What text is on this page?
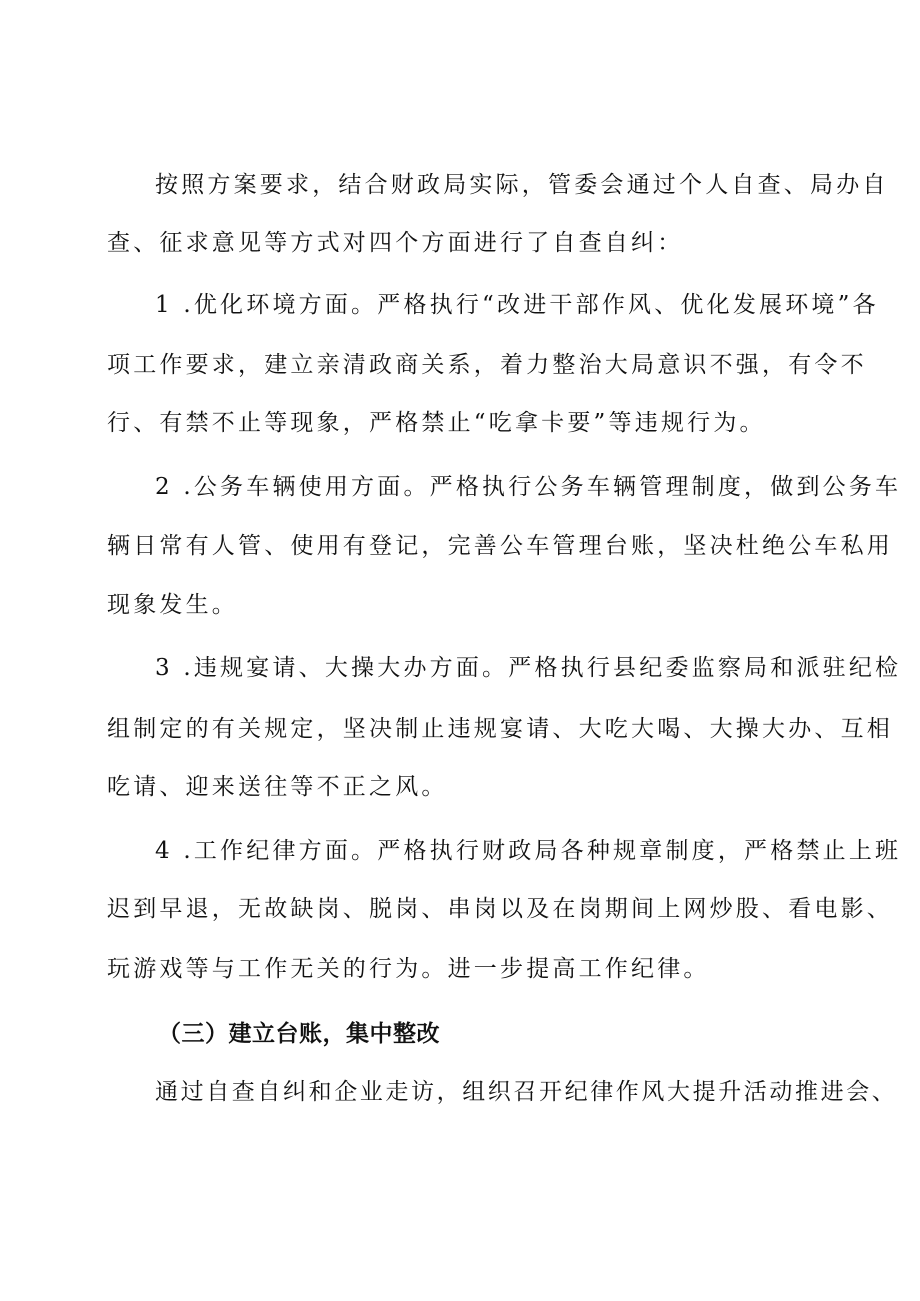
按照方案要求，结合财政局实际，管委会通过个人自查、局办自
查、征求意见等方式对四个方面进行了自查自纠：
1 .优化环境方面。严格执行“改进干部作风、优化发展环境”各
项工作要求，建立亲清政商关系，着力整治大局意识不强，有令不
行、有禁不止等现象，严格禁止“吃拿卡要”等违规行为。
2 .公务车辆使用方面。严格执行公务车辆管理制度，做到公务车
辆日常有人管、使用有登记，完善公车管理台账，坚决杜绝公车私用
现象发生。
3 .违规宴请、大操大办方面。严格执行县纪委监察局和派驻纪检
组制定的有关规定，坚决制止违规宴请、大吃大喝、大操大办、互相
吃请、迎来送往等不正之风。
4 .工作纪律方面。严格执行财政局各种规章制度，严格禁止上班
迟到早退，无故缺岗、脱岗、串岗以及在岗期间上网炒股、看电影、
玩游戏等与工作无关的行为。进一步提高工作纪律。
（三）建立台账，集中整改
通过自查自纠和企业走访，组织召开纪律作风大提升活动推进会、
